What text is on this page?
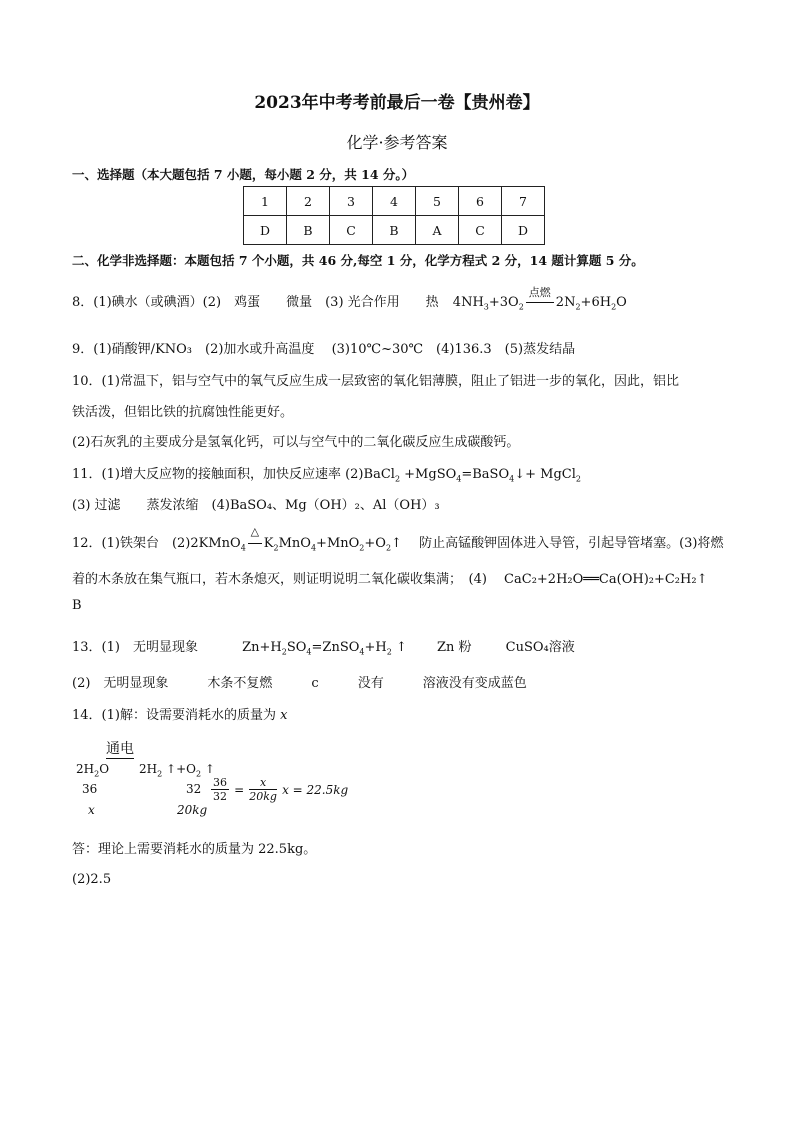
2023年中考考前最后一卷【贵州卷】
化学·参考答案
一、选择题（本大题包括 7 小题，每小题 2 分，共 14 分。）
1	2	3	4	5	6	7
D	B	C	B	A	C	D
二、化学非选择题：本题包括 7 个小题，共 46 分,每空 1 分，化学方程式 2 分，14 题计算题 5 分。
8．(1)碘水（或碘酒）(2)　鸡蛋　　微量　(3) 光合作用　　热 $4NH_3+3O_2$
点燃
$2N_2+6H_2O$
9．(1)硝酸钾/KNO₃　(2)加水或升高温度　 (3)10℃~30℃　(4)136.3　(5)蒸发结晶
10．(1)常温下，铝与空气中的氧气反应生成一层致密的氧化铝薄膜，阻止了铝进一步的氧化，因此，铝比
铁活泼，但铝比铁的抗腐蚀性能更好。
(2)石灰乳的主要成分是氢氧化钙，可以与空气中的二氧化碳反应生成碳酸钙。
11．(1)增大反应物的接触面积，加快反应速率 (2)BaCl$_2$ +MgSO$_4$=BaSO$_4$↓+ MgCl$_2$
(3) 过滤　　蒸发浓缩　(4)BaSO₄、Mg（OH）₂、Al（OH）₃
12．(1)铁架台　(2)2KMnO$_4$
△
$K_2MnO_4+MnO_2+O_2↑$　 防止高锰酸钾固体进入导管，引起导管堵塞。(3)将燃
着的木条放在集气瓶口，若木条熄灭，则证明说明二氧化碳收集满；　(4)　 CaC₂+2H₂O══Ca(OH)₂+C₂H₂↑
B
13．(1)　无明显现象	$Zn+H_2SO_4=ZnSO_4+H_2$ ↑ Zn 粉	CuSO₄溶液
(2)　无明显现象　　　木条不复燃　　　c　　　没有　　　溶液没有变成蓝色
14．(1)解：设需要消耗水的质量为 x
通电
$2H_2O$ $2H_2$ $↑+O_2$ ↑
$\frac{36}{32} = \frac{x}{20kg}$ x = 22.5kg
36	32
x	20kg
答：理论上需要消耗水的质量为 22.5kg。
(2)2.5
